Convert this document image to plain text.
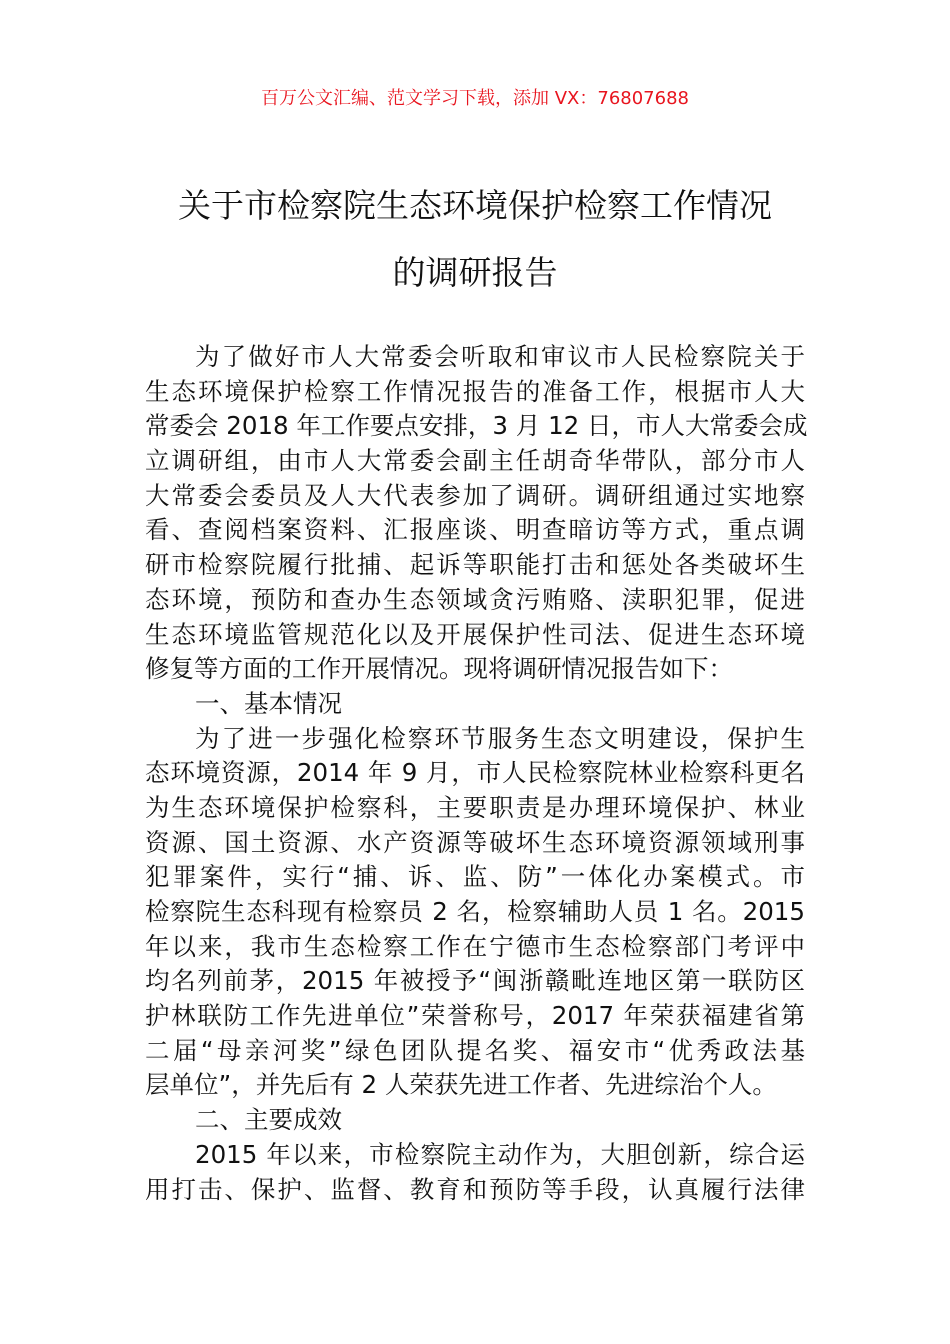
百万公文汇编、范文学习下载，添加 VX：76807688
关于市检察院生态环境保护检察工作情况
的调研报告
为了做好市人大常委会听取和审议市人民检察院关于
生态环境保护检察工作情况报告的准备工作，根据市人大
常委会 2018 年工作要点安排，3 月 12 日，市人大常委会成
立调研组，由市人大常委会副主任胡奇华带队，部分市人
大常委会委员及人大代表参加了调研。调研组通过实地察
看、查阅档案资料、汇报座谈、明查暗访等方式，重点调
研市检察院履行批捕、起诉等职能打击和惩处各类破坏生
态环境，预防和查办生态领域贪污贿赂、渎职犯罪，促进
生态环境监管规范化以及开展保护性司法、促进生态环境
修复等方面的工作开展情况。现将调研情况报告如下：
一、基本情况
为了进一步强化检察环节服务生态文明建设，保护生
态环境资源，2014 年 9 月，市人民检察院林业检察科更名
为生态环境保护检察科，主要职责是办理环境保护、林业
资源、国土资源、水产资源等破坏生态环境资源领域刑事
犯罪案件，实行“捕、诉、监、防”一体化办案模式。市
检察院生态科现有检察员 2 名，检察辅助人员 1 名。2015
年以来，我市生态检察工作在宁德市生态检察部门考评中
均名列前茅，2015 年被授予“闽浙赣毗连地区第一联防区
护林联防工作先进单位”荣誉称号，2017 年荣获福建省第
二届“母亲河奖”绿色团队提名奖、福安市“优秀政法基
层单位”，并先后有 2 人荣获先进工作者、先进综治个人。
二、主要成效
2015 年以来，市检察院主动作为，大胆创新，综合运
用打击、保护、监督、教育和预防等手段，认真履行法律
